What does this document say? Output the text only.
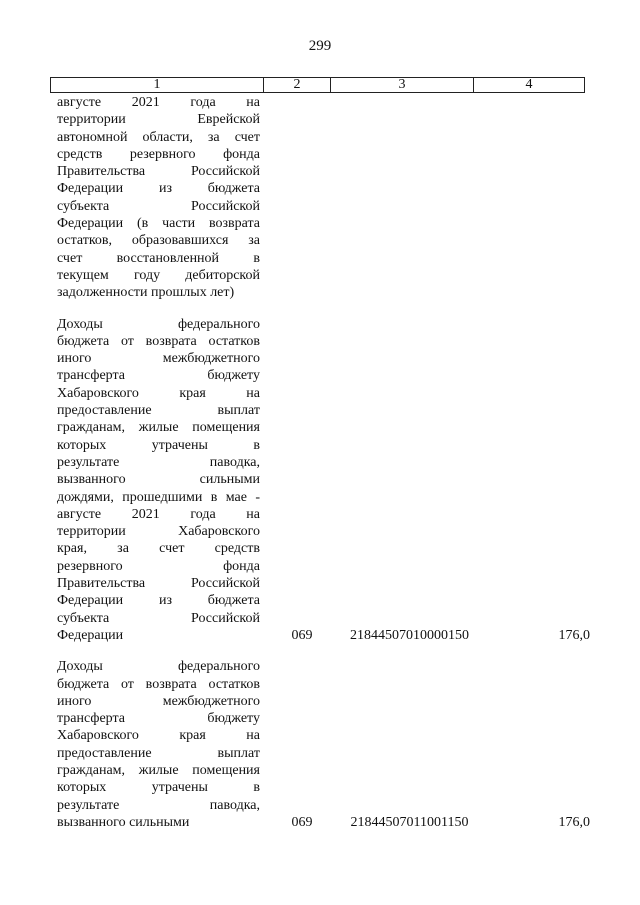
299
1	2	3	4
августе 2021 года на
территории Еврейской
автономной области, за счет
средств резервного фонда
Правительства Российской
Федерации из бюджета
субъекта Российской
Федерации (в части возврата
остатков, образовавшихся за
счет восстановленной в
текущем году дебиторской
задолженности прошлых лет)
Доходы федерального
бюджета от возврата остатков
иного межбюджетного
трансферта бюджету
Хабаровского края на
предоставление выплат
гражданам, жилые помещения
которых утрачены в
результате паводка,
вызванного сильными
дождями, прошедшими в мае -
августе 2021 года на
территории Хабаровского
края, за счет средств
резервного фонда
Правительства Российской
Федерации из бюджета
субъекта Российской
Федерации	069	21844507010000150	176,0
Доходы федерального
бюджета от возврата остатков
иного межбюджетного
трансферта бюджету
Хабаровского края на
предоставление выплат
гражданам, жилые помещения
которых утрачены в
результате паводка,
вызванного сильными	069	21844507011001150	176,0
